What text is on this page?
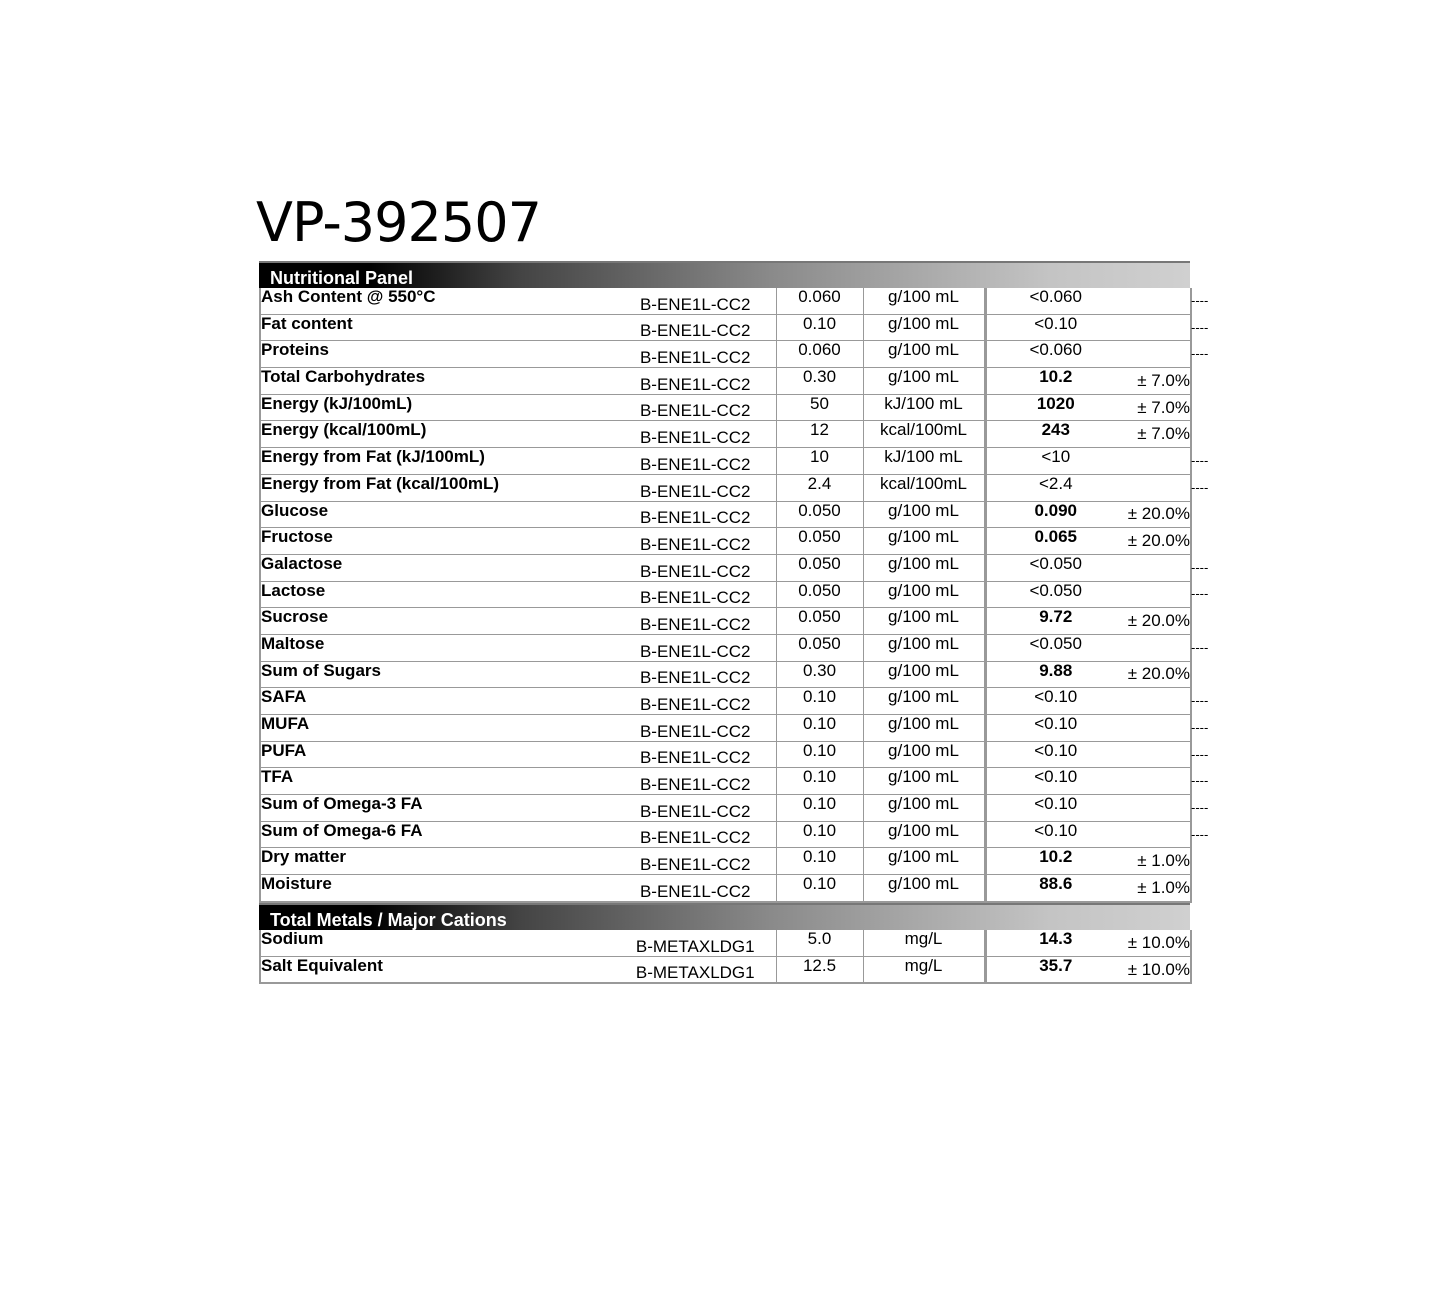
VP-392507
Nutritional Panel
Ash Content @ 550°C	B-ENE1L-CC2	0.060	g/100 mL	<0.060	----
Fat content	B-ENE1L-CC2	0.10	g/100 mL	<0.10	----
Proteins	B-ENE1L-CC2	0.060	g/100 mL	<0.060	----
Total Carbohydrates	B-ENE1L-CC2	0.30	g/100 mL	10.2	± 7.0%
Energy (kJ/100mL)	B-ENE1L-CC2	50	kJ/100 mL	1020	± 7.0%
Energy (kcal/100mL)	B-ENE1L-CC2	12	kcal/100mL	243	± 7.0%
Energy from Fat (kJ/100mL)	B-ENE1L-CC2	10	kJ/100 mL	<10	----
Energy from Fat (kcal/100mL)	B-ENE1L-CC2	2.4	kcal/100mL	<2.4	----
Glucose	B-ENE1L-CC2	0.050	g/100 mL	0.090	± 20.0%
Fructose	B-ENE1L-CC2	0.050	g/100 mL	0.065	± 20.0%
Galactose	B-ENE1L-CC2	0.050	g/100 mL	<0.050	----
Lactose	B-ENE1L-CC2	0.050	g/100 mL	<0.050	----
Sucrose	B-ENE1L-CC2	0.050	g/100 mL	9.72	± 20.0%
Maltose	B-ENE1L-CC2	0.050	g/100 mL	<0.050	----
Sum of Sugars	B-ENE1L-CC2	0.30	g/100 mL	9.88	± 20.0%
SAFA	B-ENE1L-CC2	0.10	g/100 mL	<0.10	----
MUFA	B-ENE1L-CC2	0.10	g/100 mL	<0.10	----
PUFA	B-ENE1L-CC2	0.10	g/100 mL	<0.10	----
TFA	B-ENE1L-CC2	0.10	g/100 mL	<0.10	----
Sum of Omega-3 FA	B-ENE1L-CC2	0.10	g/100 mL	<0.10	----
Sum of Omega-6 FA	B-ENE1L-CC2	0.10	g/100 mL	<0.10	----
Dry matter	B-ENE1L-CC2	0.10	g/100 mL	10.2	± 1.0%
Moisture	B-ENE1L-CC2	0.10	g/100 mL	88.6	± 1.0%
Total Metals / Major Cations
Sodium	B-METAXLDG1	5.0	mg/L	14.3	± 10.0%
Salt Equivalent	B-METAXLDG1	12.5	mg/L	35.7	± 10.0%
